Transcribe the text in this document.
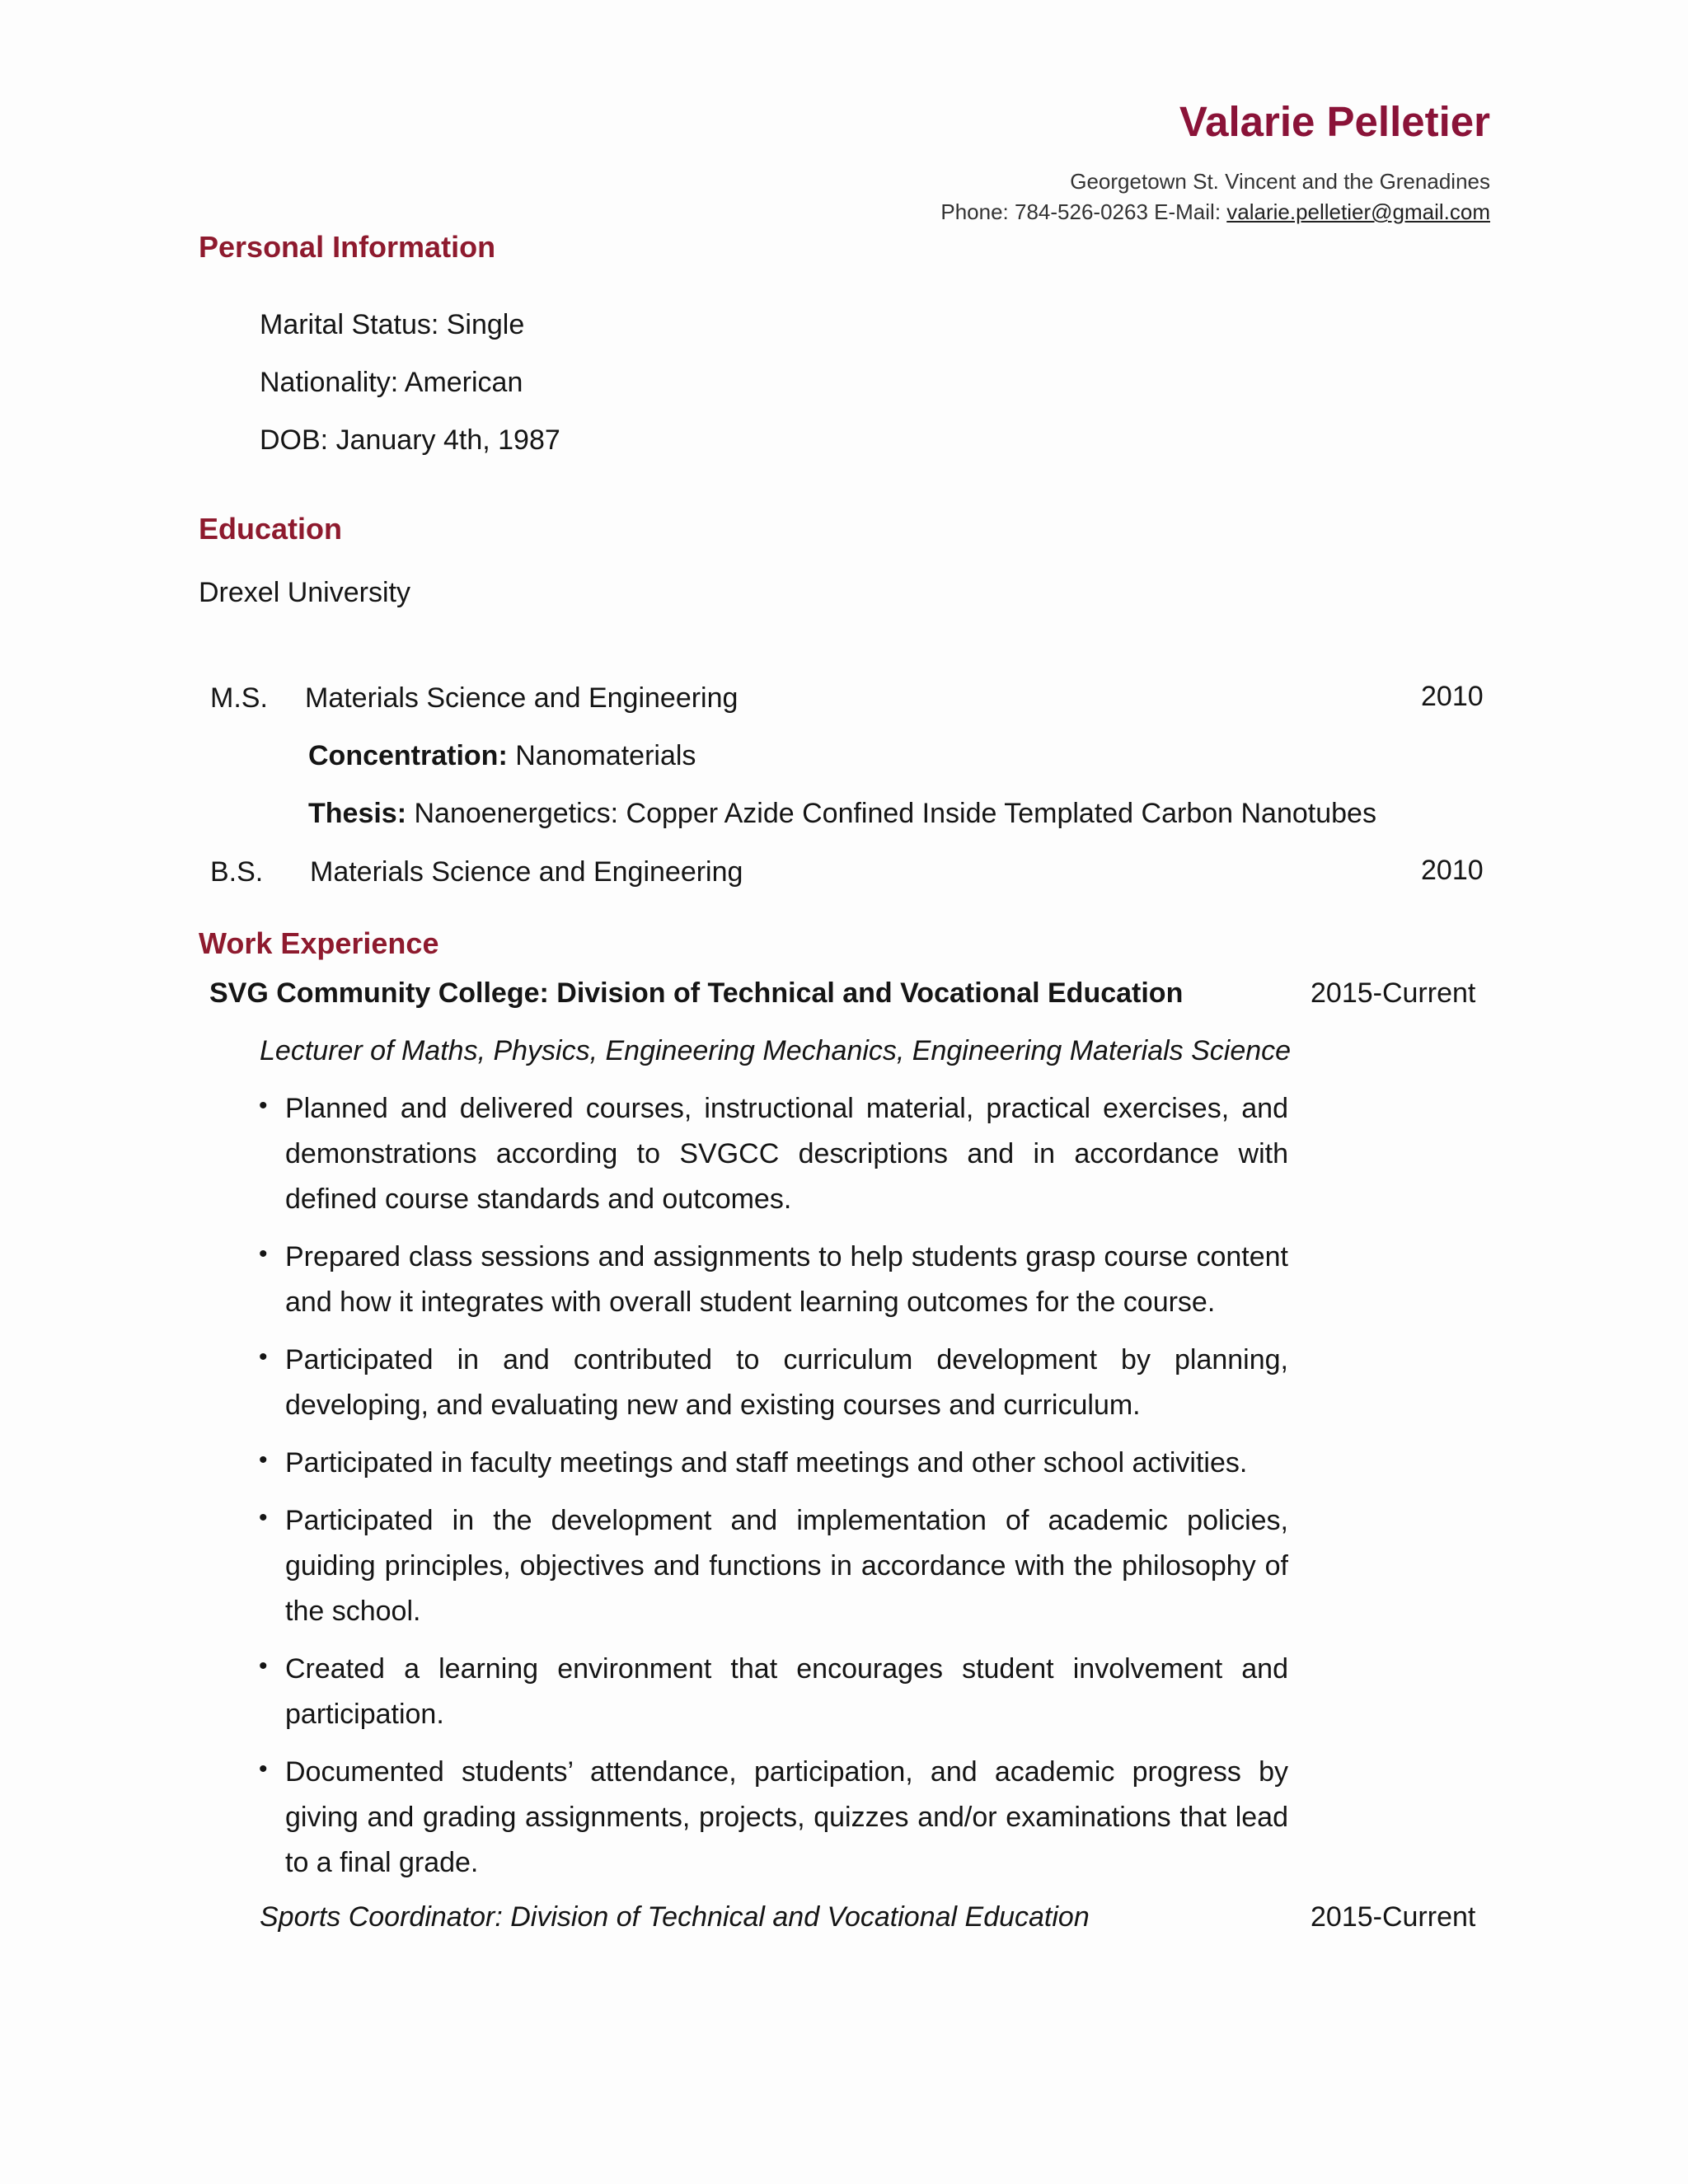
Valarie Pelletier
Georgetown St. Vincent and the Grenadines
Phone: 784-526-0263 E-Mail: valarie.pelletier@gmail.com
Personal Information
Marital Status: Single
Nationality: American
DOB: January 4th, 1987
Education
Drexel University
M.S. Materials Science and Engineering	2010
Concentration: Nanomaterials
Thesis: Nanoenergetics: Copper Azide Confined Inside Templated Carbon Nanotubes
B.S. Materials Science and Engineering	2010
Work Experience
SVG Community College: Division of Technical and Vocational Education	2015-Current
Lecturer of Maths, Physics, Engineering Mechanics, Engineering Materials Science
• Planned and delivered courses, instructional material, practical exercises, and demonstrations according to SVGCC descriptions and in accordance with defined course standards and outcomes.
• Prepared class sessions and assignments to help students grasp course content and how it integrates with overall student learning outcomes for the course.
• Participated in and contributed to curriculum development by planning, developing, and evaluating new and existing courses and curriculum.
• Participated in faculty meetings and staff meetings and other school activities.
• Participated in the development and implementation of academic policies, guiding principles, objectives and functions in accordance with the philosophy of the school.
• Created a learning environment that encourages student involvement and participation.
• Documented students’ attendance, participation, and academic progress by giving and grading assignments, projects, quizzes and/or examinations that lead to a final grade.
Sports Coordinator: Division of Technical and Vocational Education	2015-Current
